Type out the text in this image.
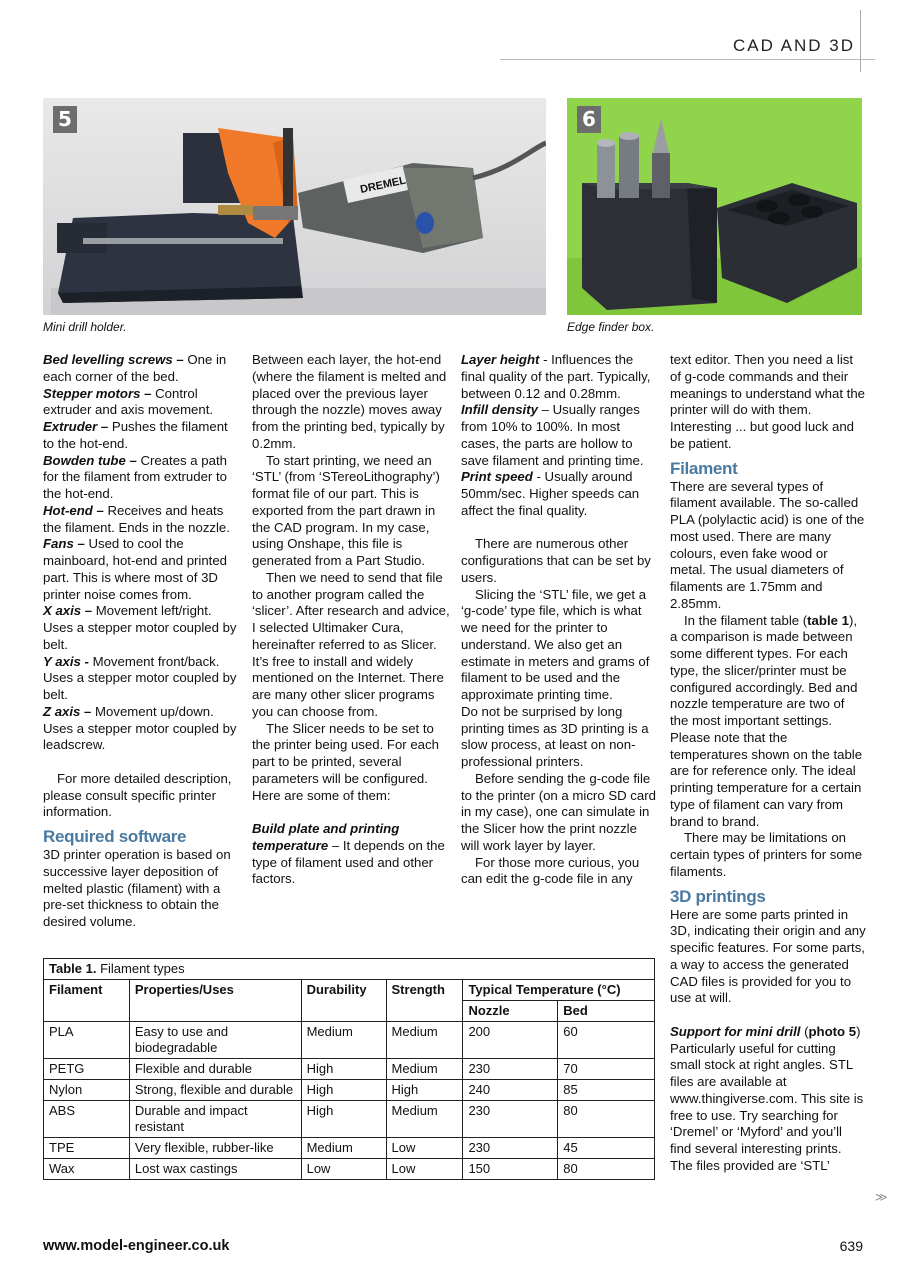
CAD AND 3D
DREMEL
5
Mini drill holder.
6
Edge finder box.

Bed levelling screws – One in each corner of the bed.

Stepper motors – Control extruder and axis movement.

Extruder – Pushes the filament to the hot-end.

Bowden tube – Creates a path for the filament from extruder to the hot-end.

Hot-end – Receives and heats the filament. Ends in the nozzle.

Fans – Used to cool the mainboard, hot-end and printed part. This is where most of 3D printer noise comes from.

X axis – Movement left/right. Uses a stepper motor coupled by belt.

Y axis - Movement front/back. Uses a stepper motor coupled by belt.

Z axis – Movement up/down. Uses a stepper motor coupled by leadscrew.

For more detailed description, please consult specific printer information.

Required software

3D printer operation is based on successive layer deposition of melted plastic (filament) with a pre-set thickness to obtain the desired volume.

Between each layer, the hot-end (where the filament is melted and placed over the previous layer through the nozzle) moves away from the printing bed, typically by 0.2mm.

To start printing, we need an ‘STL’ (from ‘STereoLithography’) format file of our part. This is exported from the part drawn in the CAD program. In my case, using Onshape, this file is generated from a Part Studio.

Then we need to send that file to another program called the ‘slicer’. After research and advice, I selected Ultimaker Cura, hereinafter referred to as Slicer. It’s free to install and widely mentioned on the Internet. There are many other slicer programs you can choose from.

The Slicer needs to be set to the printer being used. For each part to be printed, several parameters will be configured. Here are some of them:

Build plate and printing temperature – It depends on the type of filament used and other factors.

Layer height - Influences the final quality of the part. Typically, between 0.12 and 0.28mm.

Infill density – Usually ranges from 10% to 100%. In most cases, the parts are hollow to save filament and printing time.

Print speed - Usually around 50mm/sec. Higher speeds can affect the final quality.

There are numerous other configurations that can be set by users.

Slicing the ‘STL’ file, we get a ‘g-code’ type file, which is what we need for the printer to understand. We also get an estimate in meters and grams of filament to be used and the approximate printing time.

Do not be surprised by long printing times as 3D printing is a slow process, at least on non-professional printers.

Before sending the g-code file to the printer (on a micro SD card in my case), one can simulate in the Slicer how the print nozzle will work layer by layer.

For those more curious, you can edit the g-code file in any

text editor. Then you need a list of g-code commands and their meanings to understand what the printer will do with them. Interesting ... but good luck and be patient.

Filament

There are several types of filament available. The so-called PLA (polylactic acid) is one of the most used. There are many colours, even fake wood or metal. The usual diameters of filaments are 1.75mm and 2.85mm.

In the filament table (table 1), a comparison is made between some different types. For each type, the slicer/printer must be configured accordingly. Bed and nozzle temperature are two of the most important settings. Please note that the temperatures shown on the table are for reference only. The ideal printing temperature for a certain type of filament can vary from brand to brand.

There may be limitations on certain types of printers for some filaments.

3D printings

Here are some parts printed in 3D, indicating their origin and any specific features. For some parts, a way to access the generated CAD files is provided for you to use at will.

Support for mini drill (photo 5)

Particularly useful for cutting small stock at right angles. STL files are available at www.thingiverse.com. This site is free to use. Try searching for ‘Dremel’ or ‘Myford’ and you’ll find several interesting prints. The files provided are ‘STL’

Table 1. Filament types					
Filament	Properties/Uses	Durability	Strength	Typical Temperature (°C)	
				Nozzle	Bed
PLA	Easy to use and biodegradable	Medium	Medium	200	60
PETG	Flexible and durable	High	Medium	230	70
Nylon	Strong, flexible and durable	High	High	240	85
ABS	Durable and impact resistant	High	Medium	230	80
TPE	Very flexible, rubber-like	Medium	Low	230	45
Wax	Lost wax castings	Low	Low	150	80
≫
www.model-engineer.co.uk	639
